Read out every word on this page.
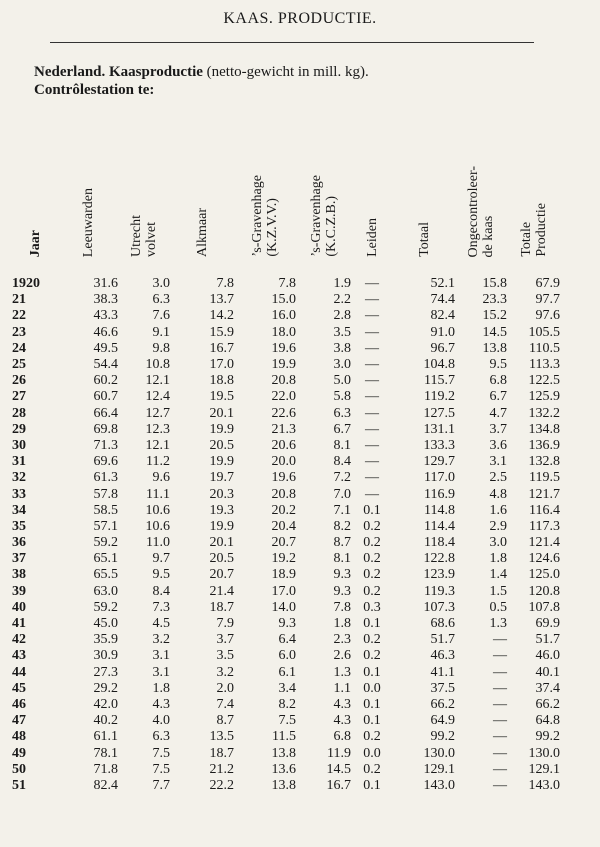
KAAS. PRODUCTIE.
Nederland. Kaasproductie (netto-gewicht in mill. kg).
Contrôlestation te:
Jaar	Leeuwarden	Utrecht
volvet	Alkmaar	’s-Gravenhage
(K.Z.V.V.)	’s-Gravenhage
(K.C.Z.B.)	Leiden	Totaal	Ongecontroleer-
de kaas	Totale
Productie
1920	31.6	3.0	7.8	7.8	1.9	—	52.1	15.8	67.9
21	38.3	6.3	13.7	15.0	2.2	—	74.4	23.3	97.7
22	43.3	7.6	14.2	16.0	2.8	—	82.4	15.2	97.6
23	46.6	9.1	15.9	18.0	3.5	—	91.0	14.5	105.5
24	49.5	9.8	16.7	19.6	3.8	—	96.7	13.8	110.5
25	54.4	10.8	17.0	19.9	3.0	—	104.8	9.5	113.3
26	60.2	12.1	18.8	20.8	5.0	—	115.7	6.8	122.5
27	60.7	12.4	19.5	22.0	5.8	—	119.2	6.7	125.9
28	66.4	12.7	20.1	22.6	6.3	—	127.5	4.7	132.2
29	69.8	12.3	19.9	21.3	6.7	—	131.1	3.7	134.8
30	71.3	12.1	20.5	20.6	8.1	—	133.3	3.6	136.9
31	69.6	11.2	19.9	20.0	8.4	—	129.7	3.1	132.8
32	61.3	9.6	19.7	19.6	7.2	—	117.0	2.5	119.5
33	57.8	11.1	20.3	20.8	7.0	—	116.9	4.8	121.7
34	58.5	10.6	19.3	20.2	7.1	0.1	114.8	1.6	116.4
35	57.1	10.6	19.9	20.4	8.2	0.2	114.4	2.9	117.3
36	59.2	11.0	20.1	20.7	8.7	0.2	118.4	3.0	121.4
37	65.1	9.7	20.5	19.2	8.1	0.2	122.8	1.8	124.6
38	65.5	9.5	20.7	18.9	9.3	0.2	123.9	1.4	125.0
39	63.0	8.4	21.4	17.0	9.3	0.2	119.3	1.5	120.8
40	59.2	7.3	18.7	14.0	7.8	0.3	107.3	0.5	107.8
41	45.0	4.5	7.9	9.3	1.8	0.1	68.6	1.3	69.9
42	35.9	3.2	3.7	6.4	2.3	0.2	51.7	—	51.7
43	30.9	3.1	3.5	6.0	2.6	0.2	46.3	—	46.0
44	27.3	3.1	3.2	6.1	1.3	0.1	41.1	—	40.1
45	29.2	1.8	2.0	3.4	1.1	0.0	37.5	—	37.4
46	42.0	4.3	7.4	8.2	4.3	0.1	66.2	—	66.2
47	40.2	4.0	8.7	7.5	4.3	0.1	64.9	—	64.8
48	61.1	6.3	13.5	11.5	6.8	0.2	99.2	—	99.2
49	78.1	7.5	18.7	13.8	11.9	0.0	130.0	—	130.0
50	71.8	7.5	21.2	13.6	14.5	0.2	129.1	—	129.1
51	82.4	7.7	22.2	13.8	16.7	0.1	143.0	—	143.0
